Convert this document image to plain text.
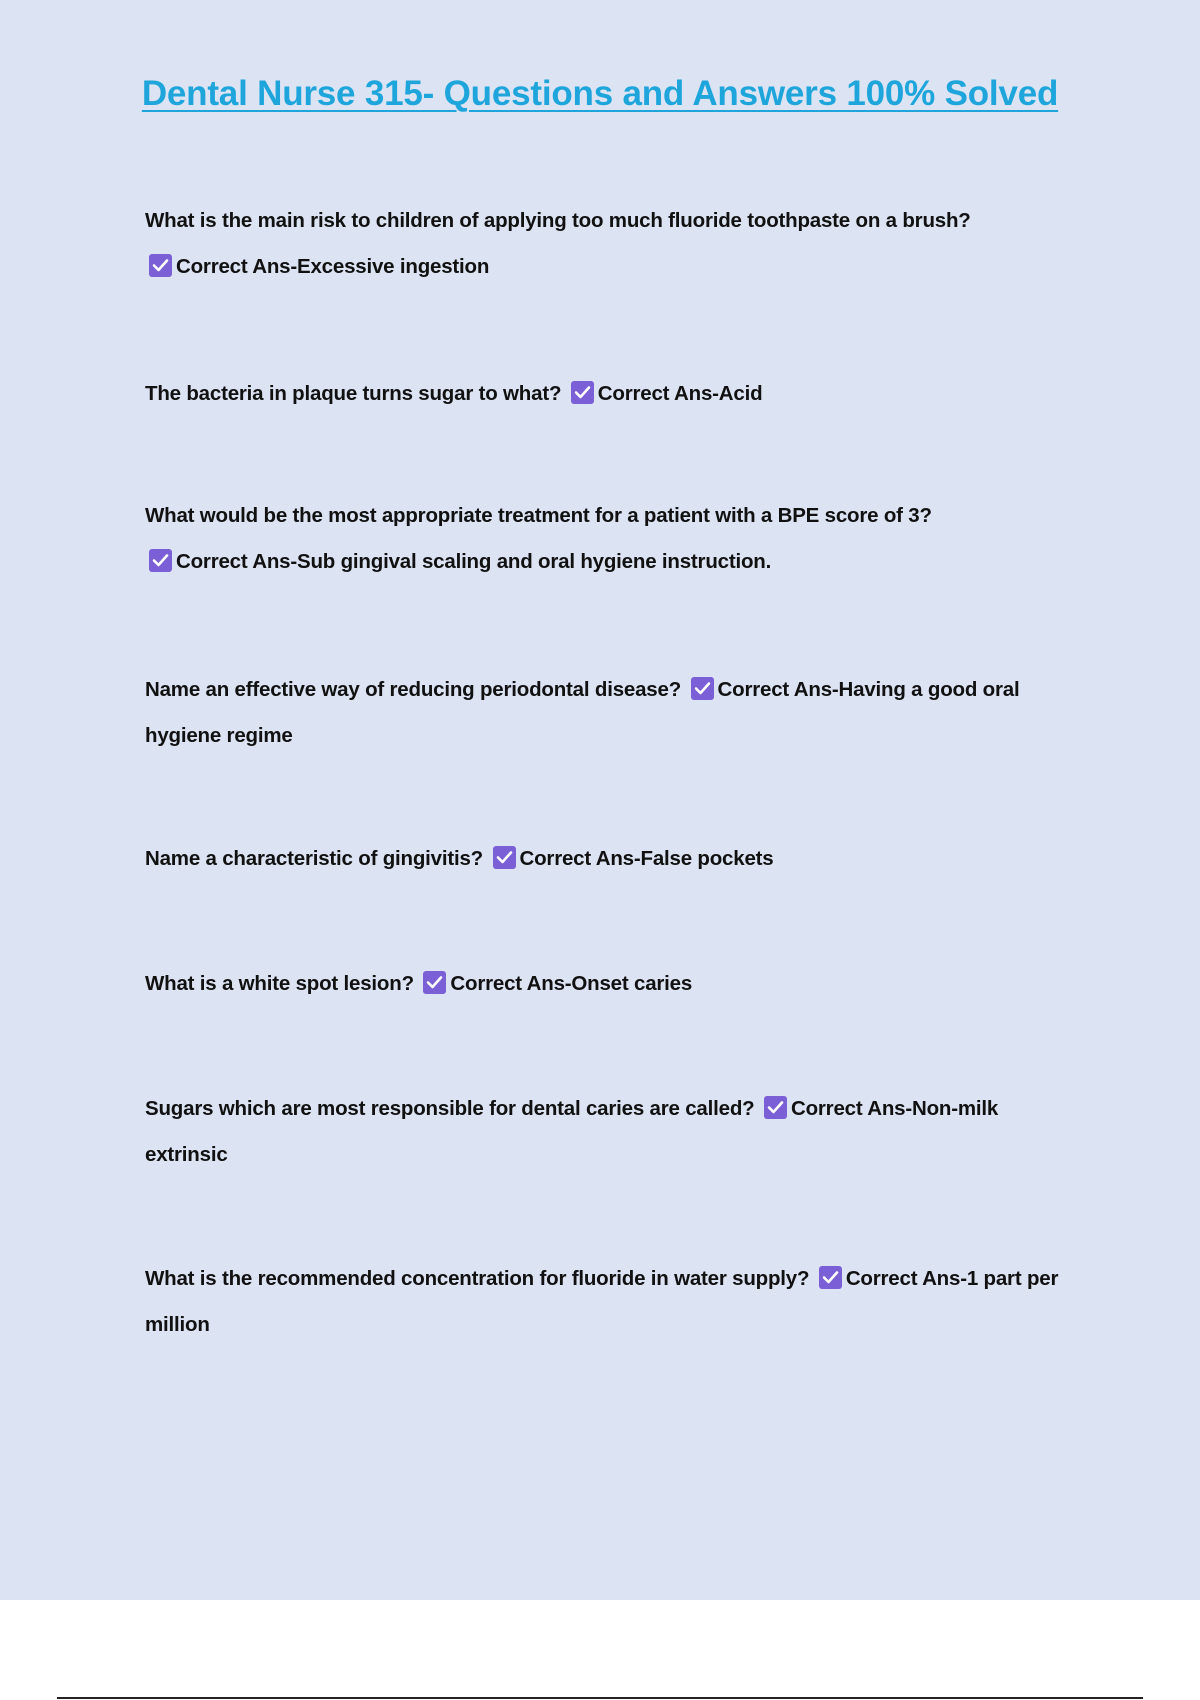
Dental Nurse 315- Questions and Answers 100% Solved
What is the main risk to children of applying too much fluoride toothpaste on a brush?

Correct Ans-Excessive ingestion
The bacteria in plaque turns sugar to what? Correct Ans-Acid
What would be the most appropriate treatment for a patient with a BPE score of 3?

Correct Ans-Sub gingival scaling and oral hygiene instruction.
Name an effective way of reducing periodontal disease? Correct Ans-Having a good oral hygiene regime
Name a characteristic of gingivitis? Correct Ans-False pockets
What is a white spot lesion? Correct Ans-Onset caries
Sugars which are most responsible for dental caries are called? Correct Ans-Non-milk extrinsic
What is the recommended concentration for fluoride in water supply? Correct Ans-1 part per million
